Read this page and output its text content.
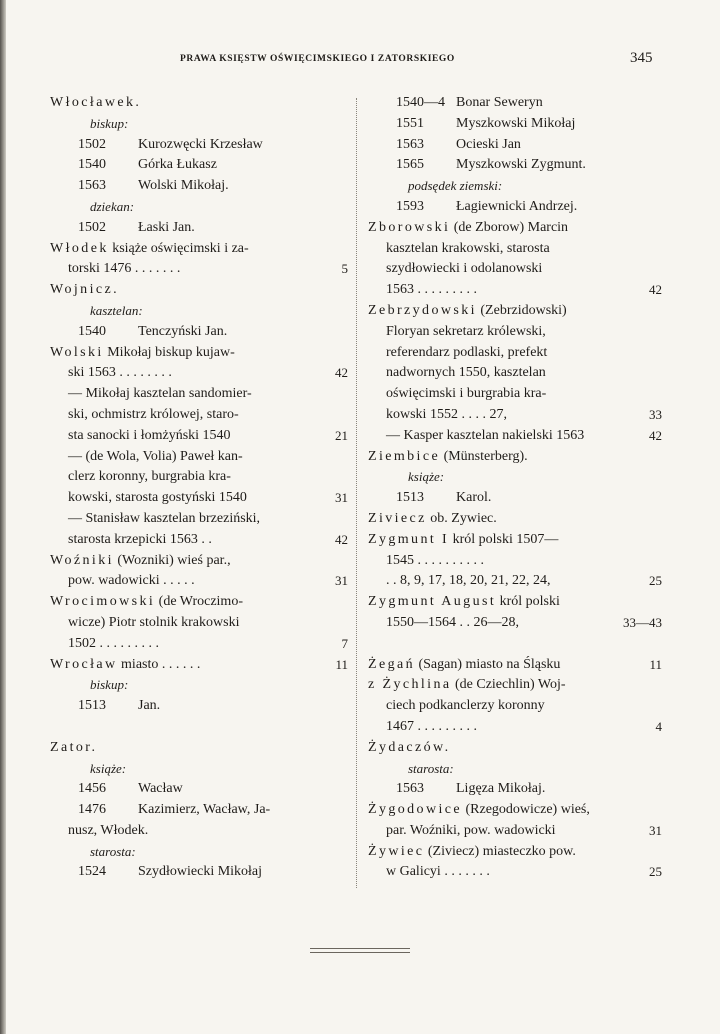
PRAWA KSIĘSTW OŚWIĘCIMSKIEGO I ZATORSKIEGO	345
Włocławek.
biskup:
1502 Kurozwęcki Krzesław
1540 Górka Łukasz
1563 Wolski Mikołaj.
dziekan:
1502 Łaski Jan.
Włodek książe oświęcimski i za-
torski 1476 . . . . . . .	5
Wojnicz.
kasztelan:
1540 Tenczyński Jan.
Wolski Mikołaj biskup kujaw-
ski 1563 . . . . . . . .	42
— Mikołaj kasztelan sandomier-
ski, ochmistrz królowej, staro-
sta sanocki i łomżyński 1540	21
— (de Wola, Volia) Paweł kan-
clerz koronny, burgrabia kra-
kowski, starosta gostyński 1540	31
— Stanisław kasztelan brzeziński,
starosta krzepicki 1563 . .	42
Woźniki (Wozniki) wieś par.,
pow. wadowicki . . . . .	31
Wrocimowski (de Wroczimo-
wicze) Piotr stolnik krakowski
1502 . . . . . . . . .	7
Wrocław miasto . . . . . .	11
biskup:
1513 Jan.
Zator.
książe:
1456 Wacław
1476 Kazimierz, Wacław, Ja-
nusz, Włodek.
starosta:
1524 Szydłowiecki Mikołaj
1540—4 Bonar Seweryn
1551 Myszkowski Mikołaj
1563 Ocieski Jan
1565 Myszkowski Zygmunt.
podsędek ziemski:
1593 Łagiewnicki Andrzej.
Zborowski (de Zborow) Marcin
kasztelan krakowski, starosta
szydłowiecki i odolanowski
1563 . . . . . . . . .	42
Zebrzydowski (Zebrzidowski)
Floryan sekretarz królewski,
referendarz podlaski, prefekt
nadwornych 1550, kasztelan
oświęcimski i burgrabia kra-
kowski 1552 . . . . 27,	33
— Kasper kasztelan nakielski 1563	42
Ziembice (Münsterberg).
książe:
1513 Karol.
Zivіecz ob. Zywiec.
Zygmunt I król polski 1507—
1545 . . . . . . . . . .
. . 8, 9, 17, 18, 20, 21, 22, 24,	25
Zygmunt August król polski
1550—1564 . . 26—28,	33—43
Żegań (Sagan) miasto na Śląsku	11
z Żychlina (de Cziechlin) Woj-
ciech podkanclerzy koronny
1467 . . . . . . . . .	4
Żydaczów.
starosta:
1563 Ligęza Mikołaj.
Żygodowice (Rzegodowicze) wieś,
par. Woźniki, pow. wadowicki	31
Żywiec (Zivіecz) miasteczko pow.
w Galicyi . . . . . . .	25
